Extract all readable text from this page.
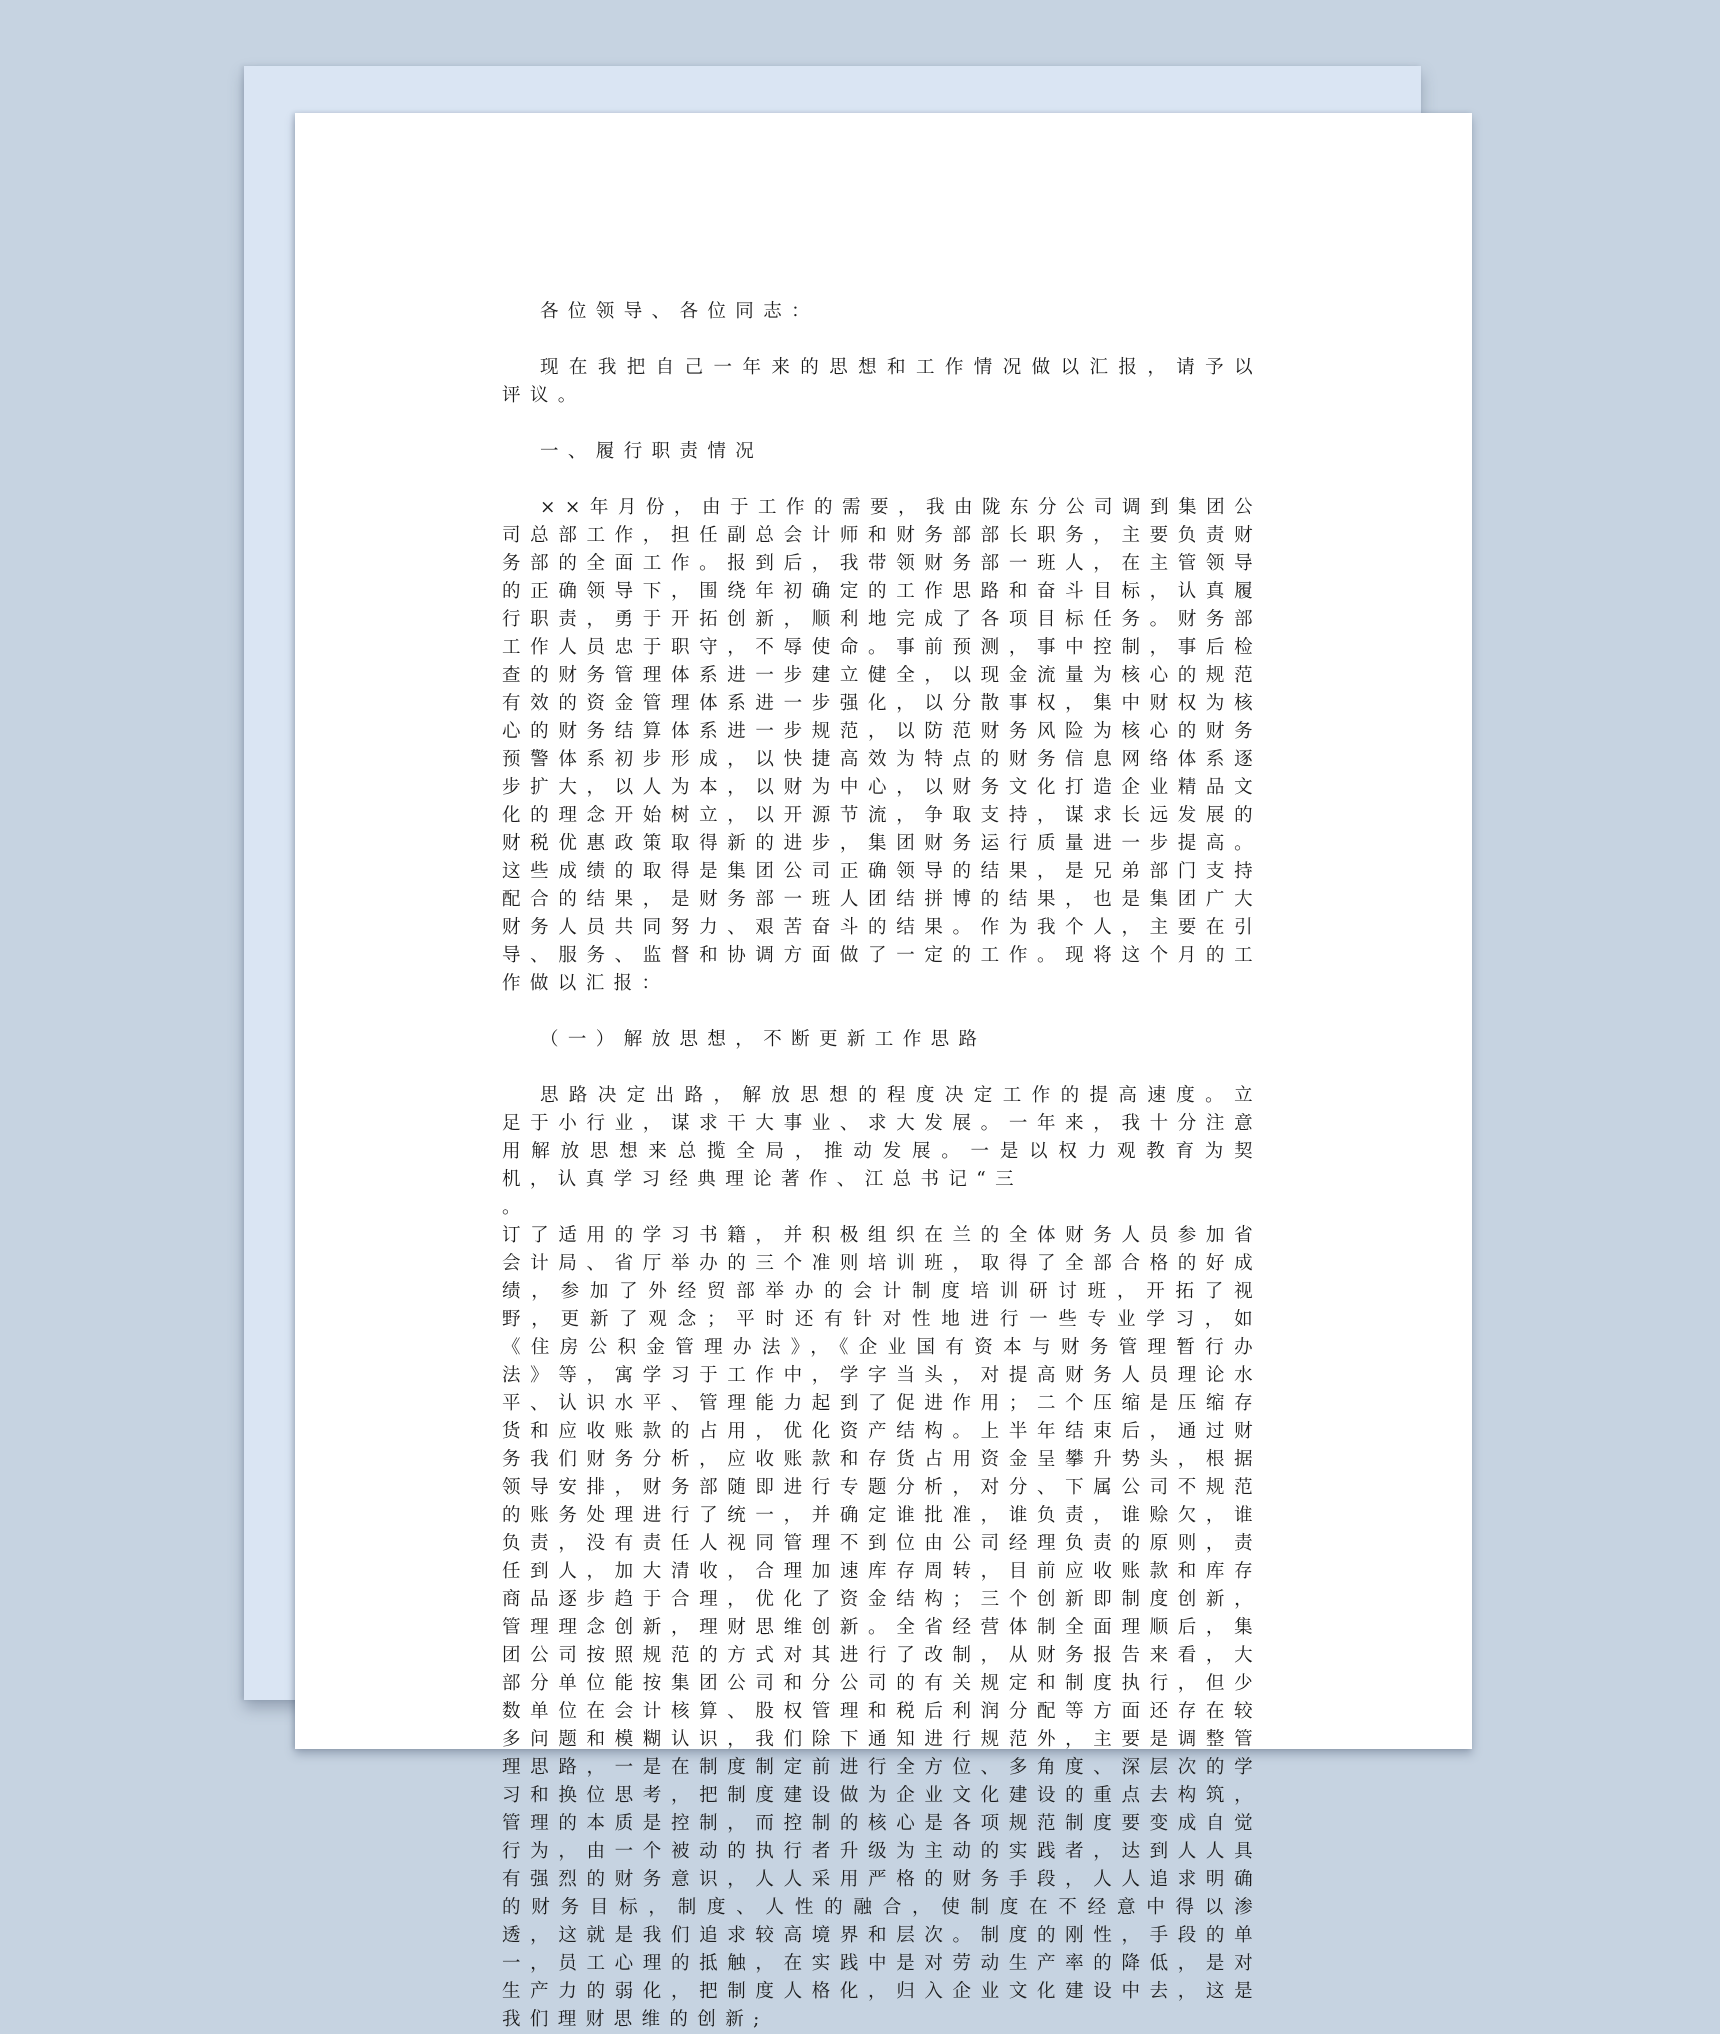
各位领导、各位同志：

现在我把自己一年来的思想和工作情况做以汇报，请予以评议。

一、履行职责情况

××年月份，由于工作的需要，我由陇东分公司调到集团公司总部工作，担任副总会计师和财务部部长职务，主要负责财务部的全面工作。报到后，我带领财务部一班人，在主管领导的正确领导下，围绕年初确定的工作思路和奋斗目标，认真履行职责，勇于开拓创新，顺利地完成了各项目标任务。财务部工作人员忠于职守，不辱使命。事前预测，事中控制，事后检查的财务管理体系进一步建立健全，以现金流量为核心的规范有效的资金管理体系进一步强化，以分散事权，集中财权为核心的财务结算体系进一步规范，以防范财务风险为核心的财务预警体系初步形成，以快捷高效为特点的财务信息网络体系逐步扩大，以人为本，以财为中心，以财务文化打造企业精品文化的理念开始树立，以开源节流，争取支持，谋求长远发展的财税优惠政策取得新的进步，集团财务运行质量进一步提高。这些成绩的取得是集团公司正确领导的结果，是兄弟部门支持配合的结果，是财务部一班人团结拼博的结果，也是集团广大财务人员共同努力、艰苦奋斗的结果。作为我个人，主要在引导、服务、监督和协调方面做了一定的工作。现将这个月的工作做以汇报：

（一）解放思想，不断更新工作思路

思路决定出路，解放思想的程度决定工作的提高速度。立足于小行业，谋求干大事业、求大发展。一年来，我十分注意用解放思想来总揽全局，推动发展。一是以权力观教育为契机，认真学习经典理论著作、江总书记“三

。

订了适用的学习书籍，并积极组织在兰的全体财务人员参加省会计局、省厅举办的三个准则培训班，取得了全部合格的好成绩，参加了外经贸部举办的会计制度培训研讨班，开拓了视野，更新了观念；平时还有针对性地进行一些专业学习，如《住房公积金管理办法》，《企业国有资本与财务管理暂行办法》等，寓学习于工作中，学字当头，对提高财务人员理论水平、认识水平、管理能力起到了促进作用；二个压缩是压缩存货和应收账款的占用，优化资产结构。上半年结束后，通过财务我们财务分析，应收账款和存货占用资金呈攀升势头，根据领导安排，财务部随即进行专题分析，对分、下属公司不规范的账务处理进行了统一，并确定谁批准，谁负责，谁赊欠，谁负责，没有责任人视同管理不到位由公司经理负责的原则，责任到人，加大清收，合理加速库存周转，目前应收账款和库存商品逐步趋于合理，优化了资金结构；三个创新即制度创新，管理理念创新，理财思维创新。全省经营体制全面理顺后，集团公司按照规范的方式对其进行了改制，从财务报告来看，大部分单位能按集团公司和分公司的有关规定和制度执行，但少数单位在会计核算、股权管理和税后利润分配等方面还存在较多问题和模糊认识，我们除下通知进行规范外，主要是调整管理思路，一是在制度制定前进行全方位、多角度、深层次的学习和换位思考，把制度建设做为企业文化建设的重点去构筑，管理的本质是控制，而控制的核心是各项规范制度要变成自觉行为，由一个被动的执行者升级为主动的实践者，达到人人具有强烈的财务意识，人人采用严格的财务手段，人人追求明确的财务目标，制度、人性的融合，使制度在不经意中得以渗透，这就是我们追求较高境界和层次。制度的刚性，手段的单一，员工心理的抵触，在实践中是对劳动生产率的降低，是对生产力的弱化，把制度人格化，归入企业文化建设中去，这是我们理财思维的创新;
